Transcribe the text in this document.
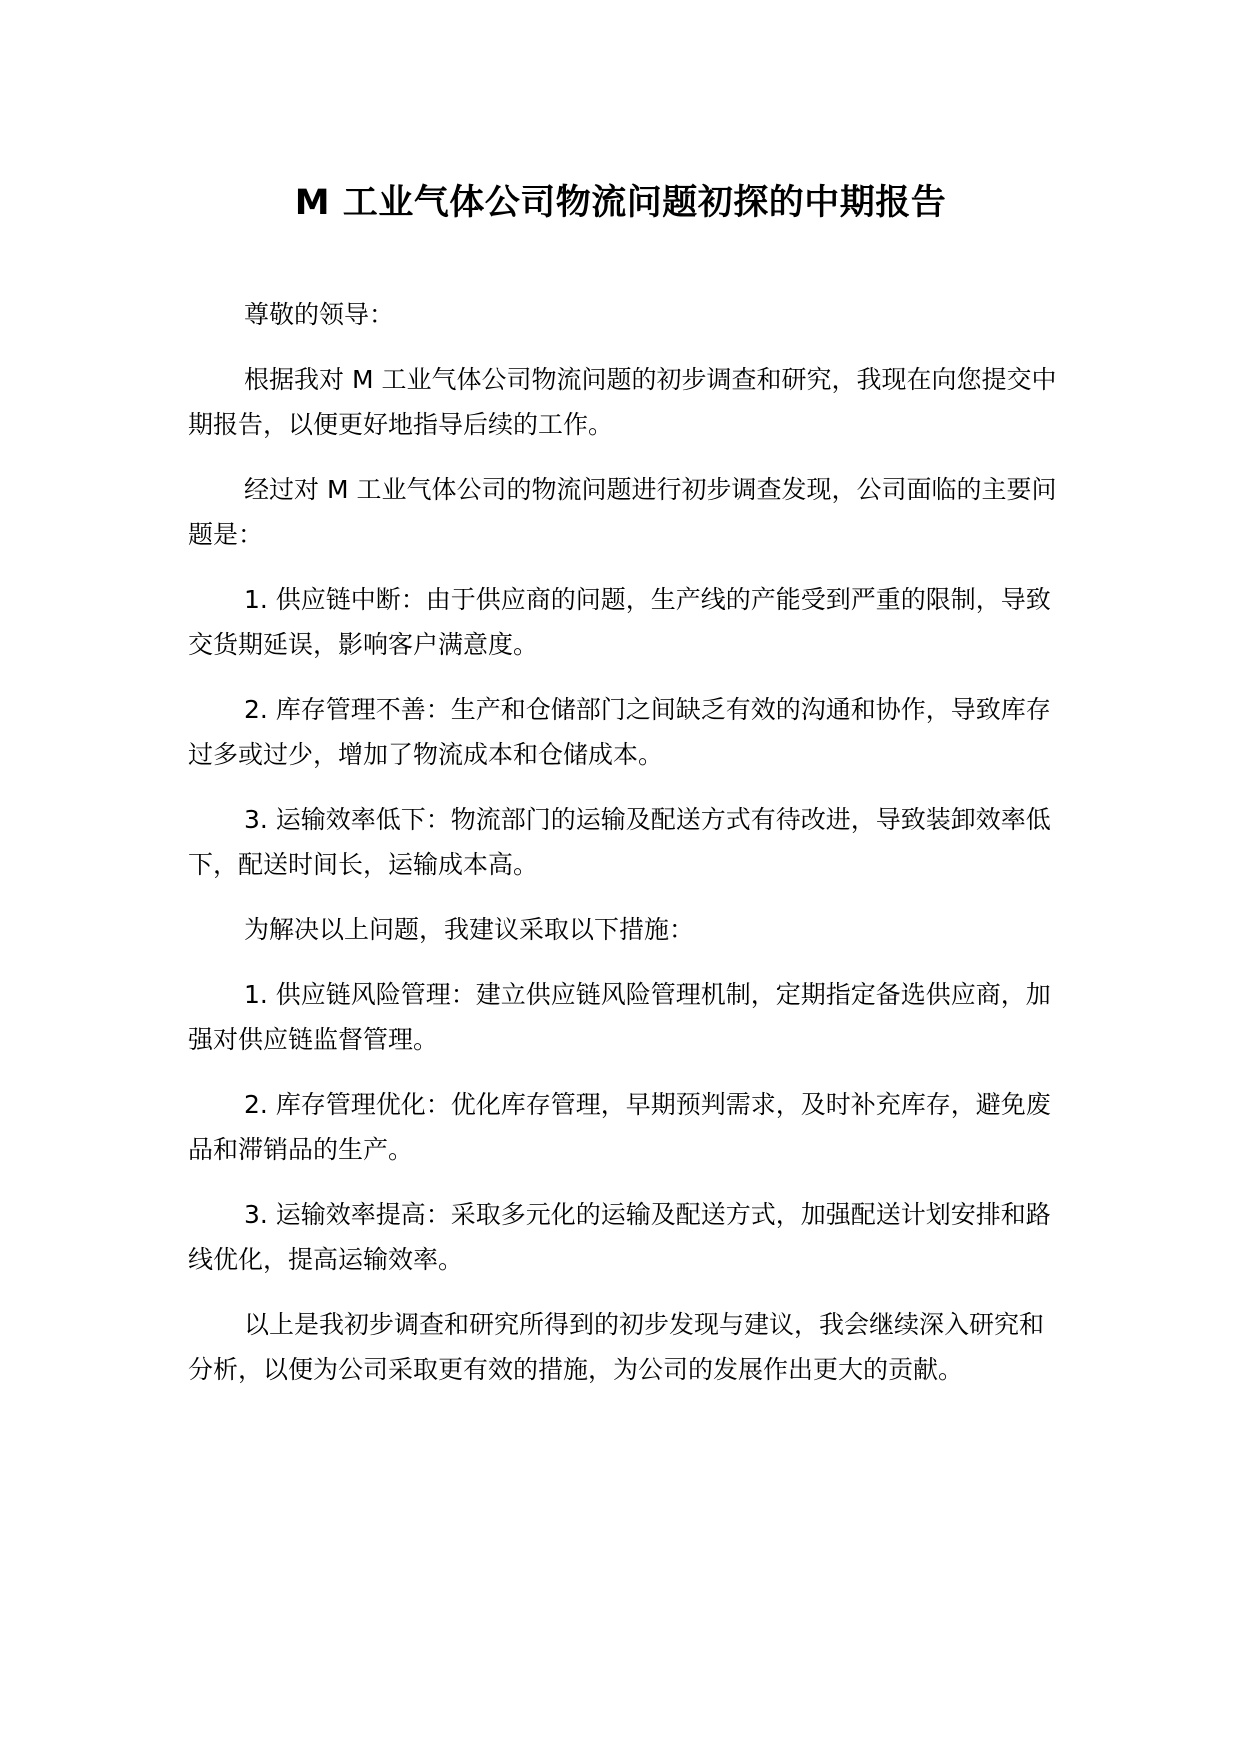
M 工业气体公司物流问题初探的中期报告

尊敬的领导：

根据我对 M 工业气体公司物流问题的初步调查和研究，我现在向您提交中期报告，以便更好地指导后续的工作。

经过对 M 工业气体公司的物流问题进行初步调查发现，公司面临的主要问题是：

1. 供应链中断：由于供应商的问题，生产线的产能受到严重的限制，导致交货期延误，影响客户满意度。

2. 库存管理不善：生产和仓储部门之间缺乏有效的沟通和协作，导致库存过多或过少，增加了物流成本和仓储成本。

3. 运输效率低下：物流部门的运输及配送方式有待改进，导致装卸效率低下，配送时间长，运输成本高。

为解决以上问题，我建议采取以下措施：

1. 供应链风险管理：建立供应链风险管理机制，定期指定备选供应商，加强对供应链监督管理。

2. 库存管理优化：优化库存管理，早期预判需求，及时补充库存，避免废品和滞销品的生产。

3. 运输效率提高：采取多元化的运输及配送方式，加强配送计划安排和路线优化，提高运输效率。

以上是我初步调查和研究所得到的初步发现与建议，我会继续深入研究和分析，以便为公司采取更有效的措施，为公司的发展作出更大的贡献。
